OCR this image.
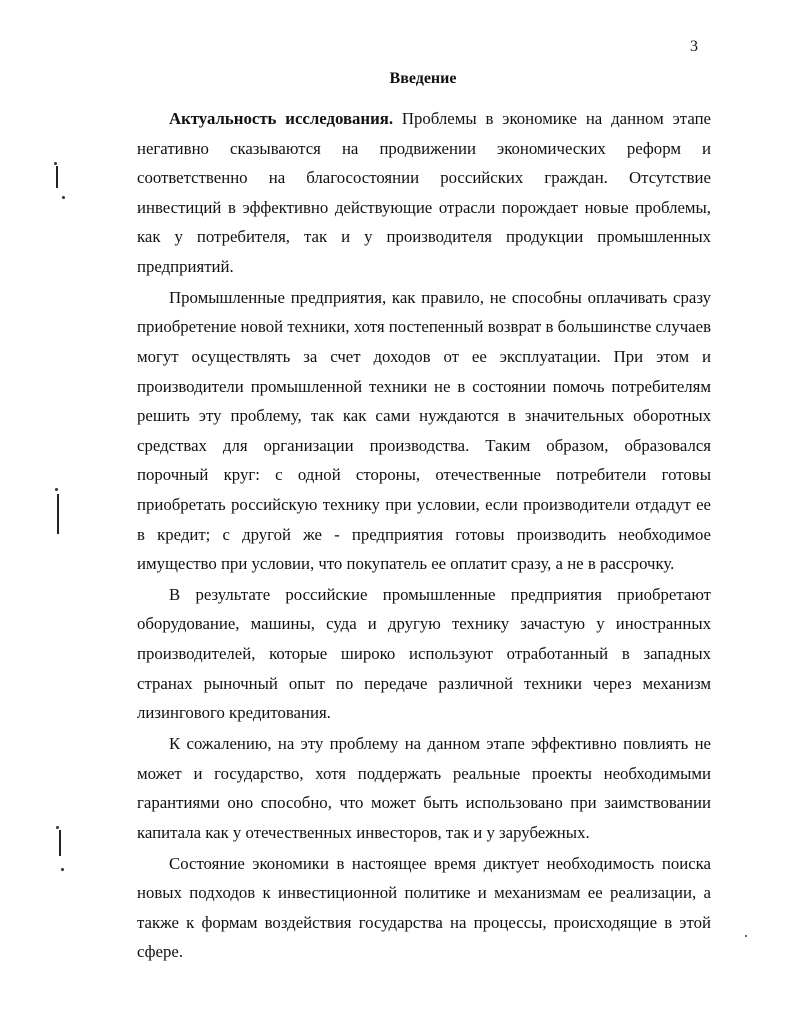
3
Введение

Актуальность исследования. Проблемы в экономике на данном этапе негативно сказываются на продвижении экономических реформ и соответственно на благосостоянии российских граждан. Отсутствие инвестиций в эффективно действующие отрасли порождает новые проблемы, как у потребителя, так и у производителя продукции промышленных предприятий.

Промышленные предприятия, как правило, не способны оплачивать сразу приобретение новой техники, хотя постепенный возврат в большинстве случаев могут осуществлять за счет доходов от ее эксплуатации. При этом и производители промышленной техники не в состоянии помочь потребителям решить эту проблему, так как сами нуждаются в значительных оборотных средствах для организации производства. Таким образом, образовался порочный круг: с одной стороны, отечественные потребители готовы приобретать российскую технику при условии, если производители отдадут ее в кредит; с другой же - предприятия готовы производить необходимое имущество при условии, что покупатель ее оплатит сразу, а не в рассрочку.

В результате российские промышленные предприятия приобретают оборудование, машины, суда и другую технику зачастую у иностранных производителей, которые широко используют отработанный в западных странах рыночный опыт по передаче различной техники через механизм лизингового кредитования.

К сожалению, на эту проблему на данном этапе эффективно повлиять не может и государство, хотя поддержать реальные проекты необходимыми гарантиями оно способно, что может быть использовано при заимствовании капитала как у отечественных инвесторов, так и у зарубежных.

Состояние экономики в настоящее время диктует необходимость поиска новых подходов к инвестиционной политике и механизмам ее реализации, а также к формам воздействия государства на процессы, происходящие в этой сфере.
